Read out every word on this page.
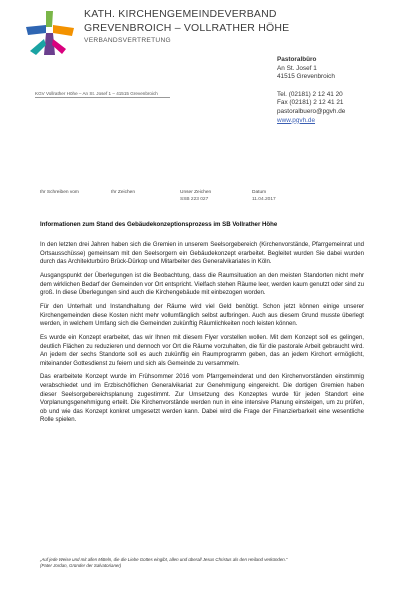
KATH. KIRCHENGEMEINDEVERBAND
GREVENBROICH – VOLLRATHER HÖHE
VERBANDSVERTRETUNG
Pastoralbüro
An St. Josef 1
41515 Grevenbroich
Tel. (02181) 2 12 41 20
Fax (02181) 2 12 41 21
pastoralbuero@pgvh.de
www.pgvh.de
KGV Vollrather Höhe – An St. Josef 1 – 41515 Grevenbroich
Ihr Schreiben vom	Ihr Zeichen	Unser Zeichen
SSB 223 027
Datum
11.04.2017
Informationen zum Stand des Gebäudekonzeptionsprozess im SB Vollrather Höhe

In den letzten drei Jahren haben sich die Gremien in unserem Seelsorgebereich (Kirchenvorstände, Pfarrgemeinrat und Ortsausschüsse) gemeinsam mit den Seelsorgern ein Gebäudekonzept erarbeitet. Begleitet wurden Sie dabei wurden durch das Architekturbüro Brück-Dürkop und Mitarbeiter des Generalvikariates in Köln.

Ausgangspunkt der Überlegungen ist die Beobachtung, dass die Raumsituation an den meisten Standorten nicht mehr dem wirklichen Bedarf der Gemeinden vor Ort entspricht. Vielfach stehen Räume leer, werden kaum genutzt oder sind zu groß. In diese Überlegungen sind auch die Kirchengebäude mit einbezogen worden.

Für den Unterhalt und Instandhaltung der Räume wird viel Geld benötigt. Schon jetzt können einige unserer Kirchengemeinden diese Kosten nicht mehr vollumfänglich selbst aufbringen. Auch aus diesem Grund musste überlegt werden, in welchem Umfang sich die Gemeinden zukünftig Räumlichkeiten noch leisten können.

Es wurde ein Konzept erarbeitet, das wir Ihnen mit diesem Flyer vorstellen wollen. Mit dem Konzept soll es gelingen, deutlich Flächen zu reduzieren und dennoch vor Ort die Räume vorzuhalten, die für die pastorale Arbeit gebraucht wird. An jedem der sechs Standorte soll es auch zukünftig ein Raumprogramm geben, das an jedem Kirchort ermöglicht, miteinander Gottesdienst zu feiern und sich als Gemeinde zu versammeln.

Das erarbeitete Konzept wurde im Frühsommer 2016 vom Pfarrgemeinderat und den Kirchenvorständen einstimmig verabschiedet und im Erzbischöflichen Generalvikariat zur Genehmigung eingereicht. Die dortigen Gremien haben dieser Seelsorgebereichsplanung zugestimmt. Zur Umsetzung des Konzeptes wurde für jeden Standort eine Vorplanungsgenehmigung erteilt. Die Kirchenvorstände werden nun in eine intensive Planung einsteigen, um zu prüfen, ob und wie das Konzept konkret umgesetzt werden kann. Dabei wird die Frage der Finanzierbarkeit eine wesentliche Rolle spielen.

„Auf jede Weise und mit allen Mitteln, die die Liebe Gottes eingibt, allen und überall Jesus Christus als den Heiland verkünden.“
(Pater Jordan, Gründer der Salvatorianer)
